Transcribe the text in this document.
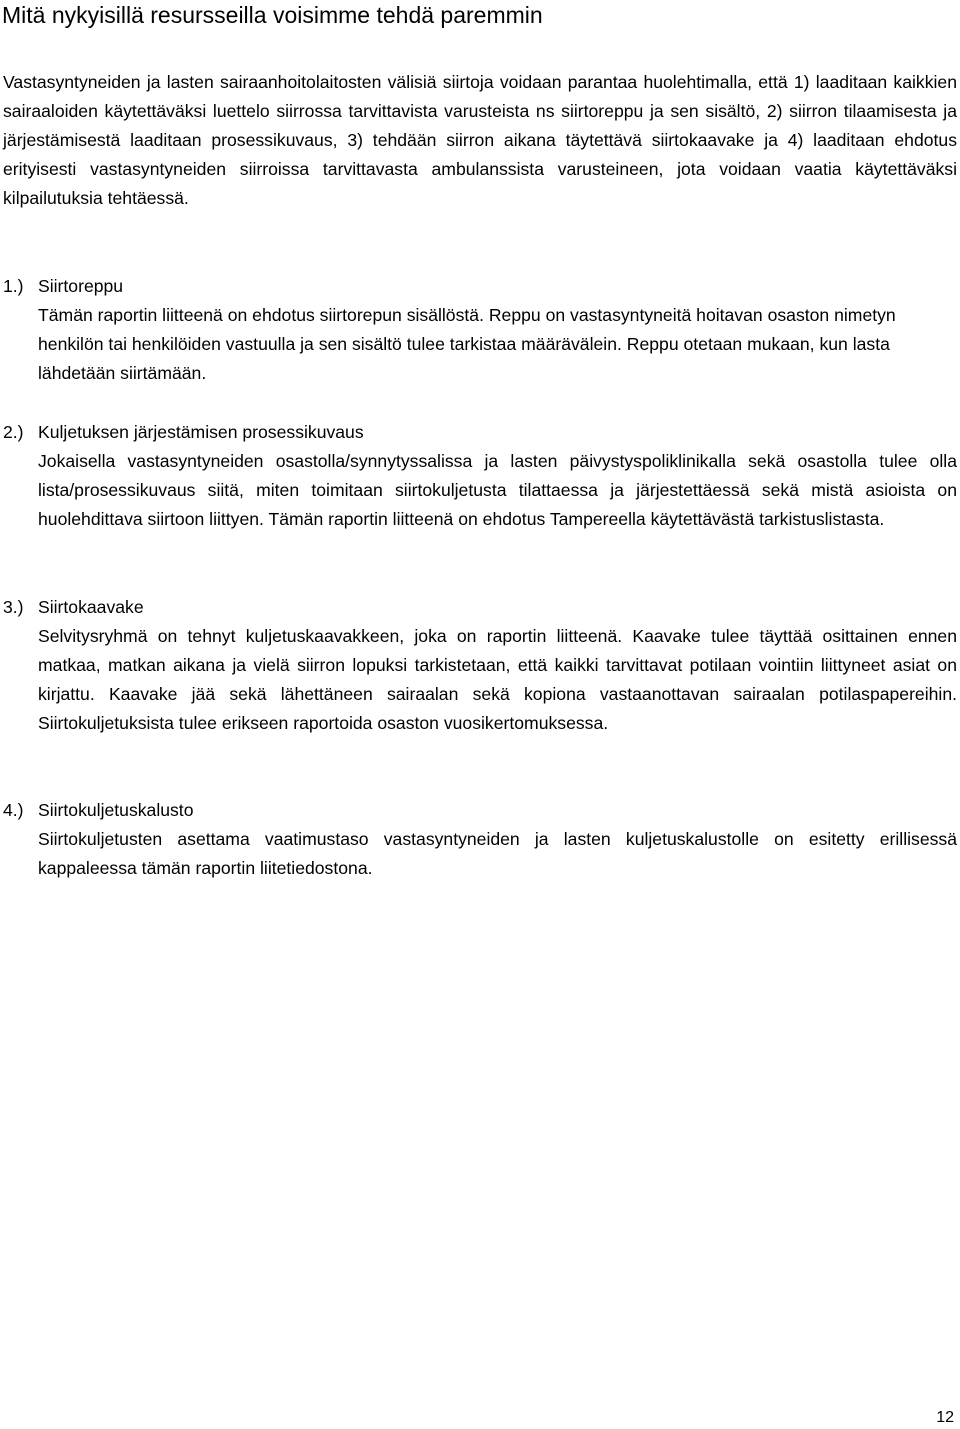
Mitä nykyisillä resursseilla voisimme tehdä paremmin

Vastasyntyneiden ja lasten sairaanhoitolaitosten välisiä siirtoja voidaan parantaa huolehtimalla, että 1) laaditaan kaikkien sairaaloiden käytettäväksi luettelo siirrossa tarvittavista varusteista ns siirtoreppu ja sen sisältö, 2) siirron tilaamisesta ja järjestämisestä laaditaan prosessikuvaus, 3) tehdään siirron aikana täytettävä siirtokaavake ja 4) laaditaan ehdotus erityisesti vastasyntyneiden siirroissa tarvittavasta ambulanssista varusteineen, jota voidaan vaatia käytettäväksi kilpailutuksia tehtäessä.

1.) Siirtoreppu

Tämän raportin liitteenä on ehdotus siirtorepun sisällöstä. Reppu on vastasyntyneitä hoitavan osaston nimetyn henkilön tai henkilöiden vastuulla ja sen sisältö tulee tarkistaa määrävälein. Reppu otetaan mukaan, kun lasta lähdetään siirtämään.

2.) Kuljetuksen järjestämisen prosessikuvaus

Jokaisella vastasyntyneiden osastolla/synnytyssalissa ja lasten päivystyspoliklinikalla sekä osastolla tulee olla lista/prosessikuvaus siitä, miten toimitaan siirtokuljetusta tilattaessa ja järjestettäessä sekä mistä asioista on huolehdittava siirtoon liittyen. Tämän raportin liitteenä on ehdotus Tampereella käytettävästä tarkistuslistasta.

3.) Siirtokaavake

Selvitysryhmä on tehnyt kuljetuskaavakkeen, joka on raportin liitteenä. Kaavake tulee täyttää osittainen ennen matkaa, matkan aikana ja vielä siirron lopuksi tarkistetaan, että kaikki tarvittavat potilaan vointiin liittyneet asiat on kirjattu. Kaavake jää sekä lähettäneen sairaalan sekä kopiona vastaanottavan sairaalan potilaspapereihin. Siirtokuljetuksista tulee erikseen raportoida osaston vuosikertomuksessa.

4.) Siirtokuljetuskalusto

Siirtokuljetusten asettama vaatimustaso vastasyntyneiden ja lasten kuljetuskalustolle on esitetty erillisessä kappaleessa tämän raportin liitetiedostona.

12
